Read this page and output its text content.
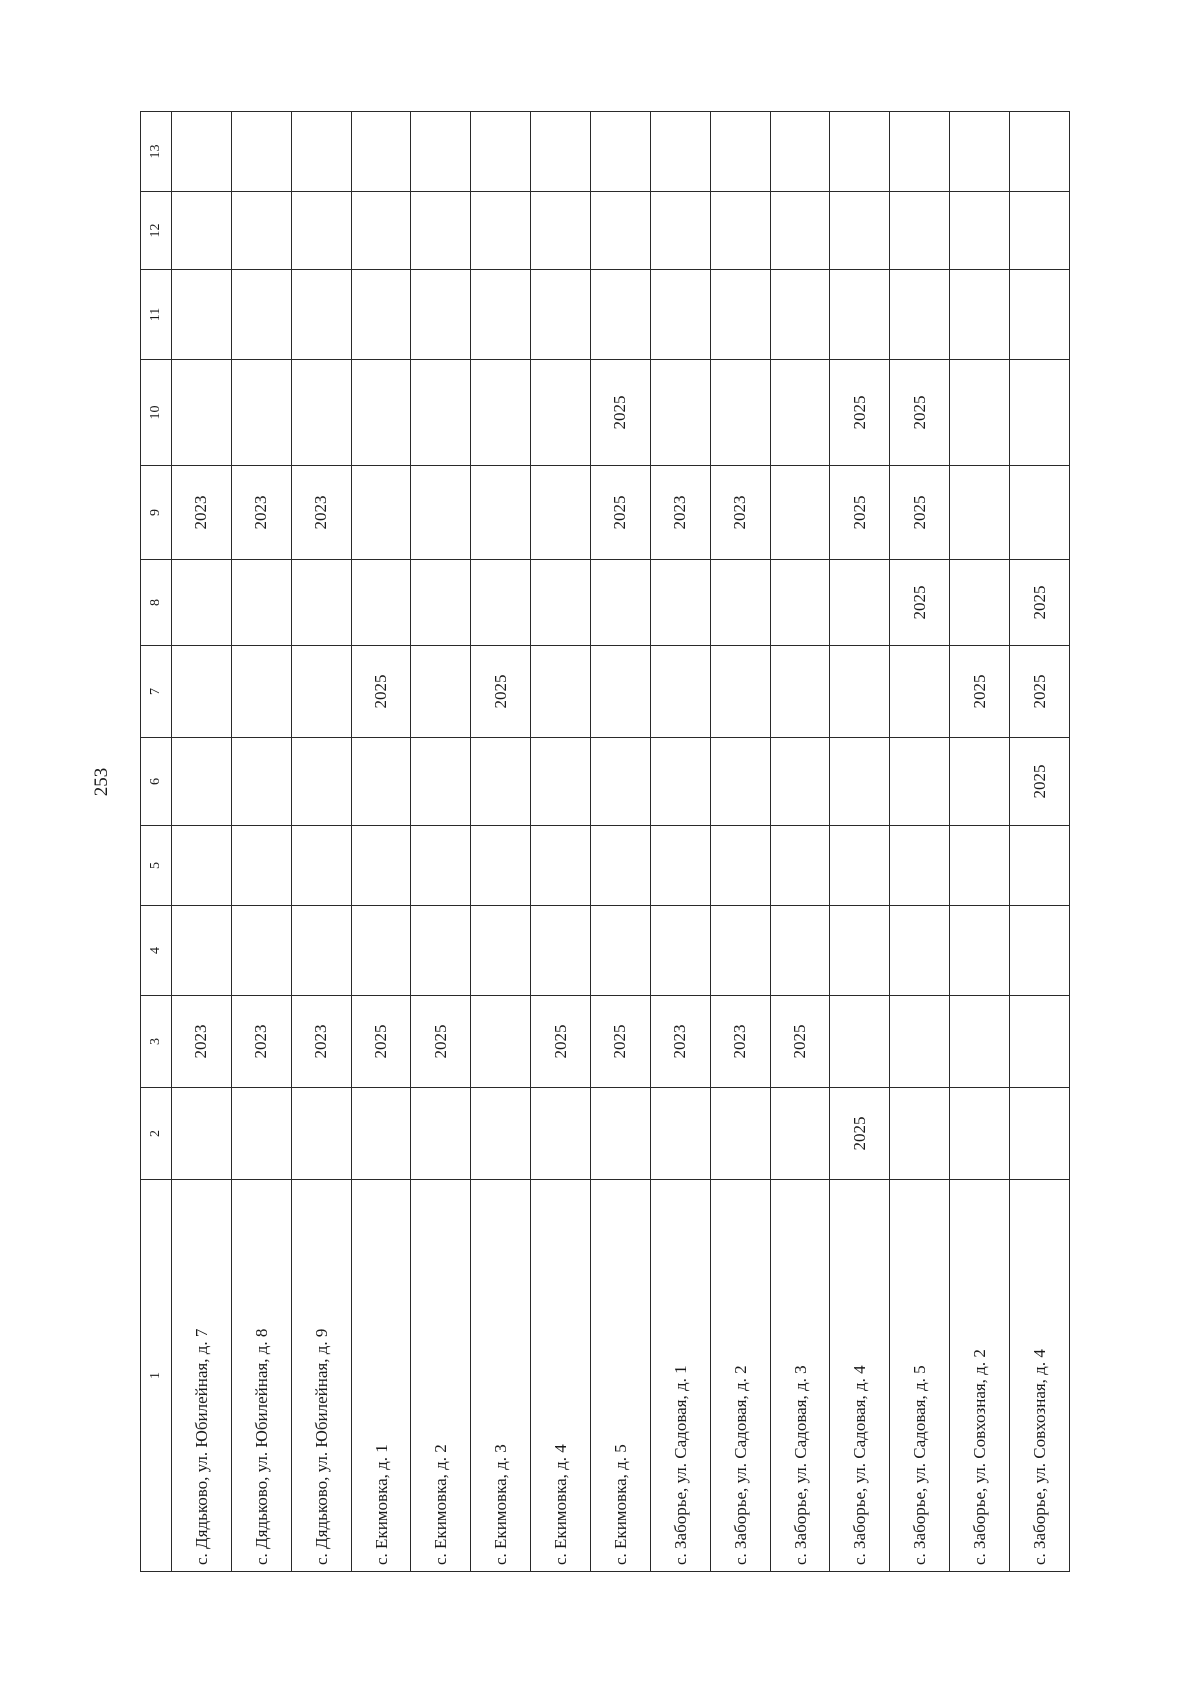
253
1	2	3	4	5	6	7	8	9	10	11	12	13
с. Дядьково, ул. Юбилейная, д. 7		2023						2023				
с. Дядьково, ул. Юбилейная, д. 8		2023						2023				
с. Дядьково, ул. Юбилейная, д. 9		2023						2023				
с. Екимовка, д. 1		2025				2025						
с. Екимовка, д. 2		2025										
с. Екимовка, д. 3						2025						
с. Екимовка, д. 4		2025										
с. Екимовка, д. 5		2025						2025	2025			
с. Заборье, ул. Садовая, д. 1		2023						2023				
с. Заборье, ул. Садовая, д. 2		2023						2023				
с. Заборье, ул. Садовая, д. 3		2025										
с. Заборье, ул. Садовая, д. 4	2025							2025	2025			
с. Заборье, ул. Садовая, д. 5							2025	2025	2025			
с. Заборье, ул. Совхозная, д. 2						2025						
с. Заборье, ул. Совхозная, д. 4					2025	2025	2025					
